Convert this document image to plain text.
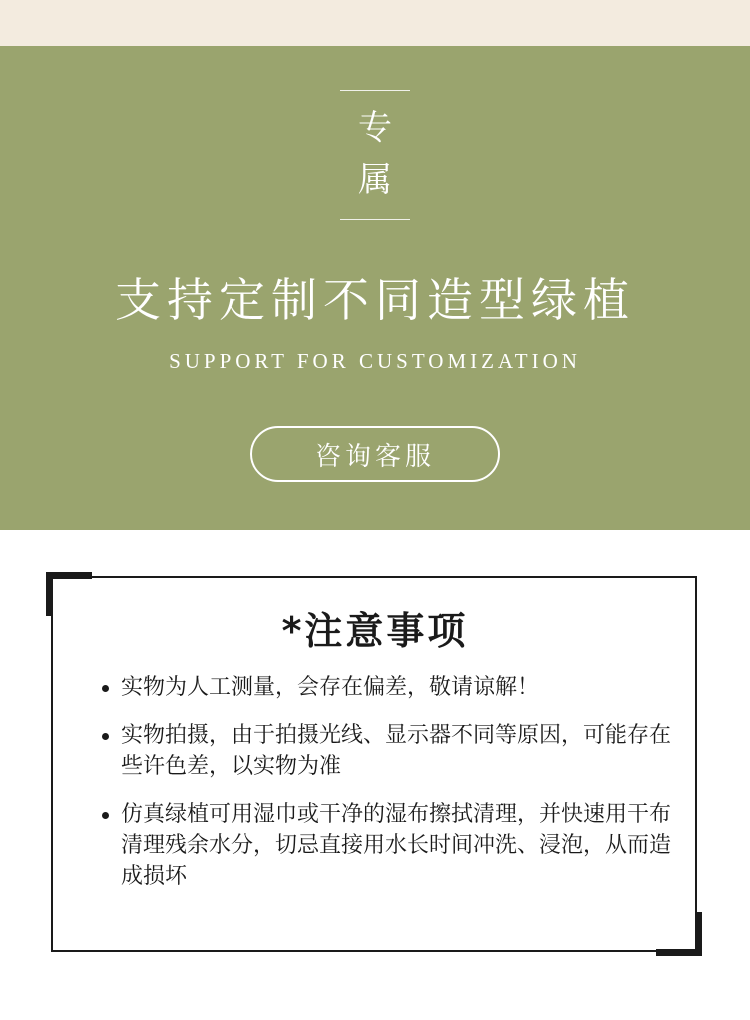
专
属
支持定制不同造型绿植
SUPPORT FOR CUSTOMIZATION
咨询客服
*注意事项
实物为人工测量，会存在偏差，敬请谅解！
实物拍摄，由于拍摄光线、显示器不同等原因，可能存在些许色差，以实物为准
仿真绿植可用湿巾或干净的湿布擦拭清理，并快速用干布清理残余水分，切忌直接用水长时间冲洗、浸泡，从而造成损坏
